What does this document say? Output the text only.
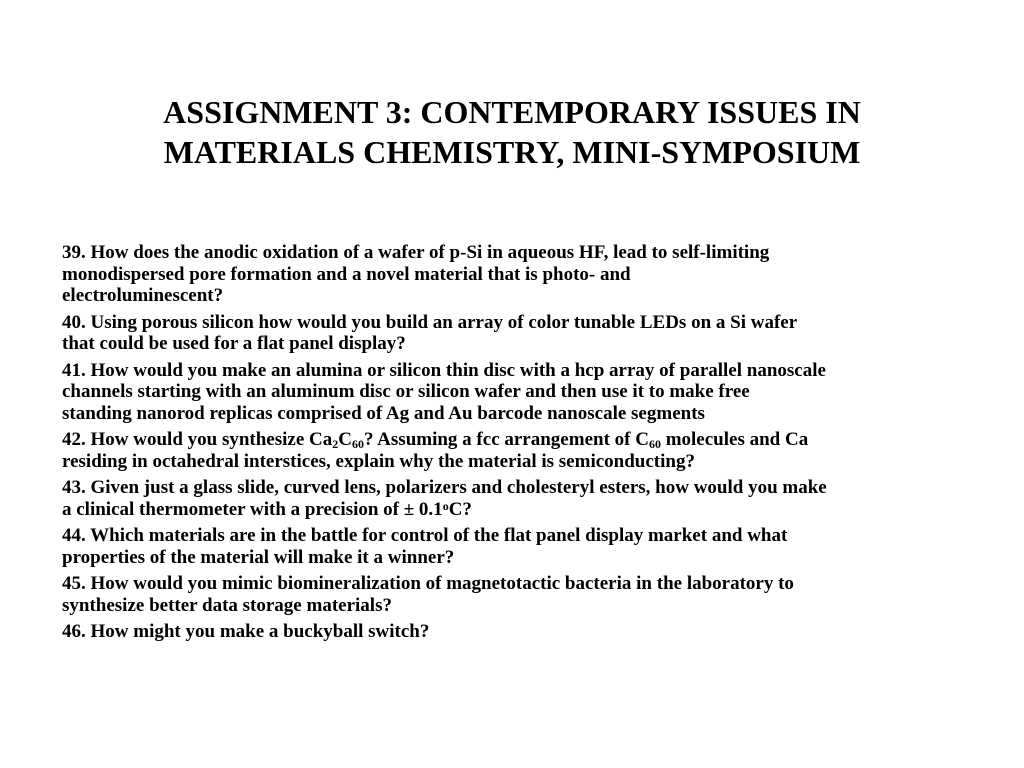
ASSIGNMENT 3: CONTEMPORARY ISSUES IN
MATERIALS CHEMISTRY, MINI-SYMPOSIUM

39. How does the anodic oxidation of a wafer of p-Si in aqueous HF, lead to self-limiting
monodispersed pore formation and a novel material that is photo- and
electroluminescent?

40. Using porous silicon how would you build an array of color tunable LEDs on a Si wafer
that could be used for a flat panel display?

41. How would you make an alumina or silicon thin disc with a hcp array of parallel nanoscale
channels starting with an aluminum disc or silicon wafer and then use it to make free
standing nanorod replicas comprised of Ag and Au barcode nanoscale segments

42. How would you synthesize $Ca_2C_{60}$? Assuming a fcc arrangement of $C_{60}$ molecules and Ca
residing in octahedral interstices, explain why the material is semiconducting?

43. Given just a glass slide, curved lens, polarizers and cholesteryl esters, how would you make
a clinical thermometer with a precision of ± $0.1^oC$?

44. Which materials are in the battle for control of the flat panel display market and what
properties of the material will make it a winner?

45. How would you mimic biomineralization of magnetotactic bacteria in the laboratory to
synthesize better data storage materials?

46. How might you make a buckyball switch?
